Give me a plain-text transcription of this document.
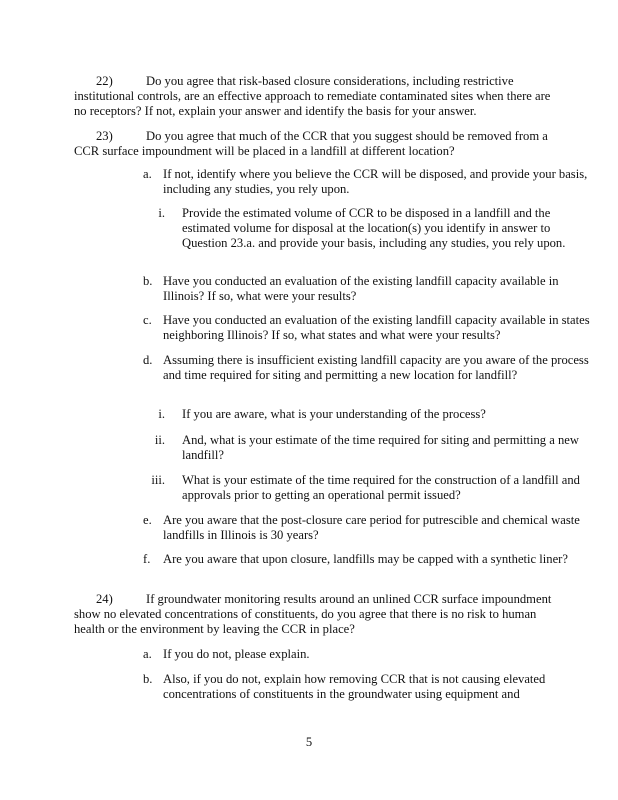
22)	Do you agree that risk-based closure considerations, including restrictive
institutional controls, are an effective approach to remediate contaminated sites when there are no receptors? If not, explain your answer and identify the basis for your answer.
23)	Do you agree that much of the CCR that you suggest should be removed from a
CCR surface impoundment will be placed in a landfill at different location?
a. If not, identify where you believe the CCR will be disposed, and provide your basis, including any studies, you rely upon.
i. Provide the estimated volume of CCR to be disposed in a landfill and the estimated volume for disposal at the location(s) you identify in answer to Question 23.a. and provide your basis, including any studies, you rely upon.
b. Have you conducted an evaluation of the existing landfill capacity available in Illinois? If so, what were your results?
c. Have you conducted an evaluation of the existing landfill capacity available in states neighboring Illinois? If so, what states and what were your results?
d. Assuming there is insufficient existing landfill capacity are you aware of the process and time required for siting and permitting a new location for landfill?
i. If you are aware, what is your understanding of the process?
ii. And, what is your estimate of the time required for siting and permitting a new landfill?
iii. What is your estimate of the time required for the construction of a landfill and approvals prior to getting an operational permit issued?
e. Are you aware that the post-closure care period for putrescible and chemical waste landfills in Illinois is 30 years?
f. Are you aware that upon closure, landfills may be capped with a synthetic liner?
24)	If groundwater monitoring results around an unlined CCR surface impoundment
show no elevated concentrations of constituents, do you agree that there is no risk to human health or the environment by leaving the CCR in place?
a. If you do not, please explain.
b. Also, if you do not, explain how removing CCR that is not causing elevated concentrations of constituents in the groundwater using equipment and
5
